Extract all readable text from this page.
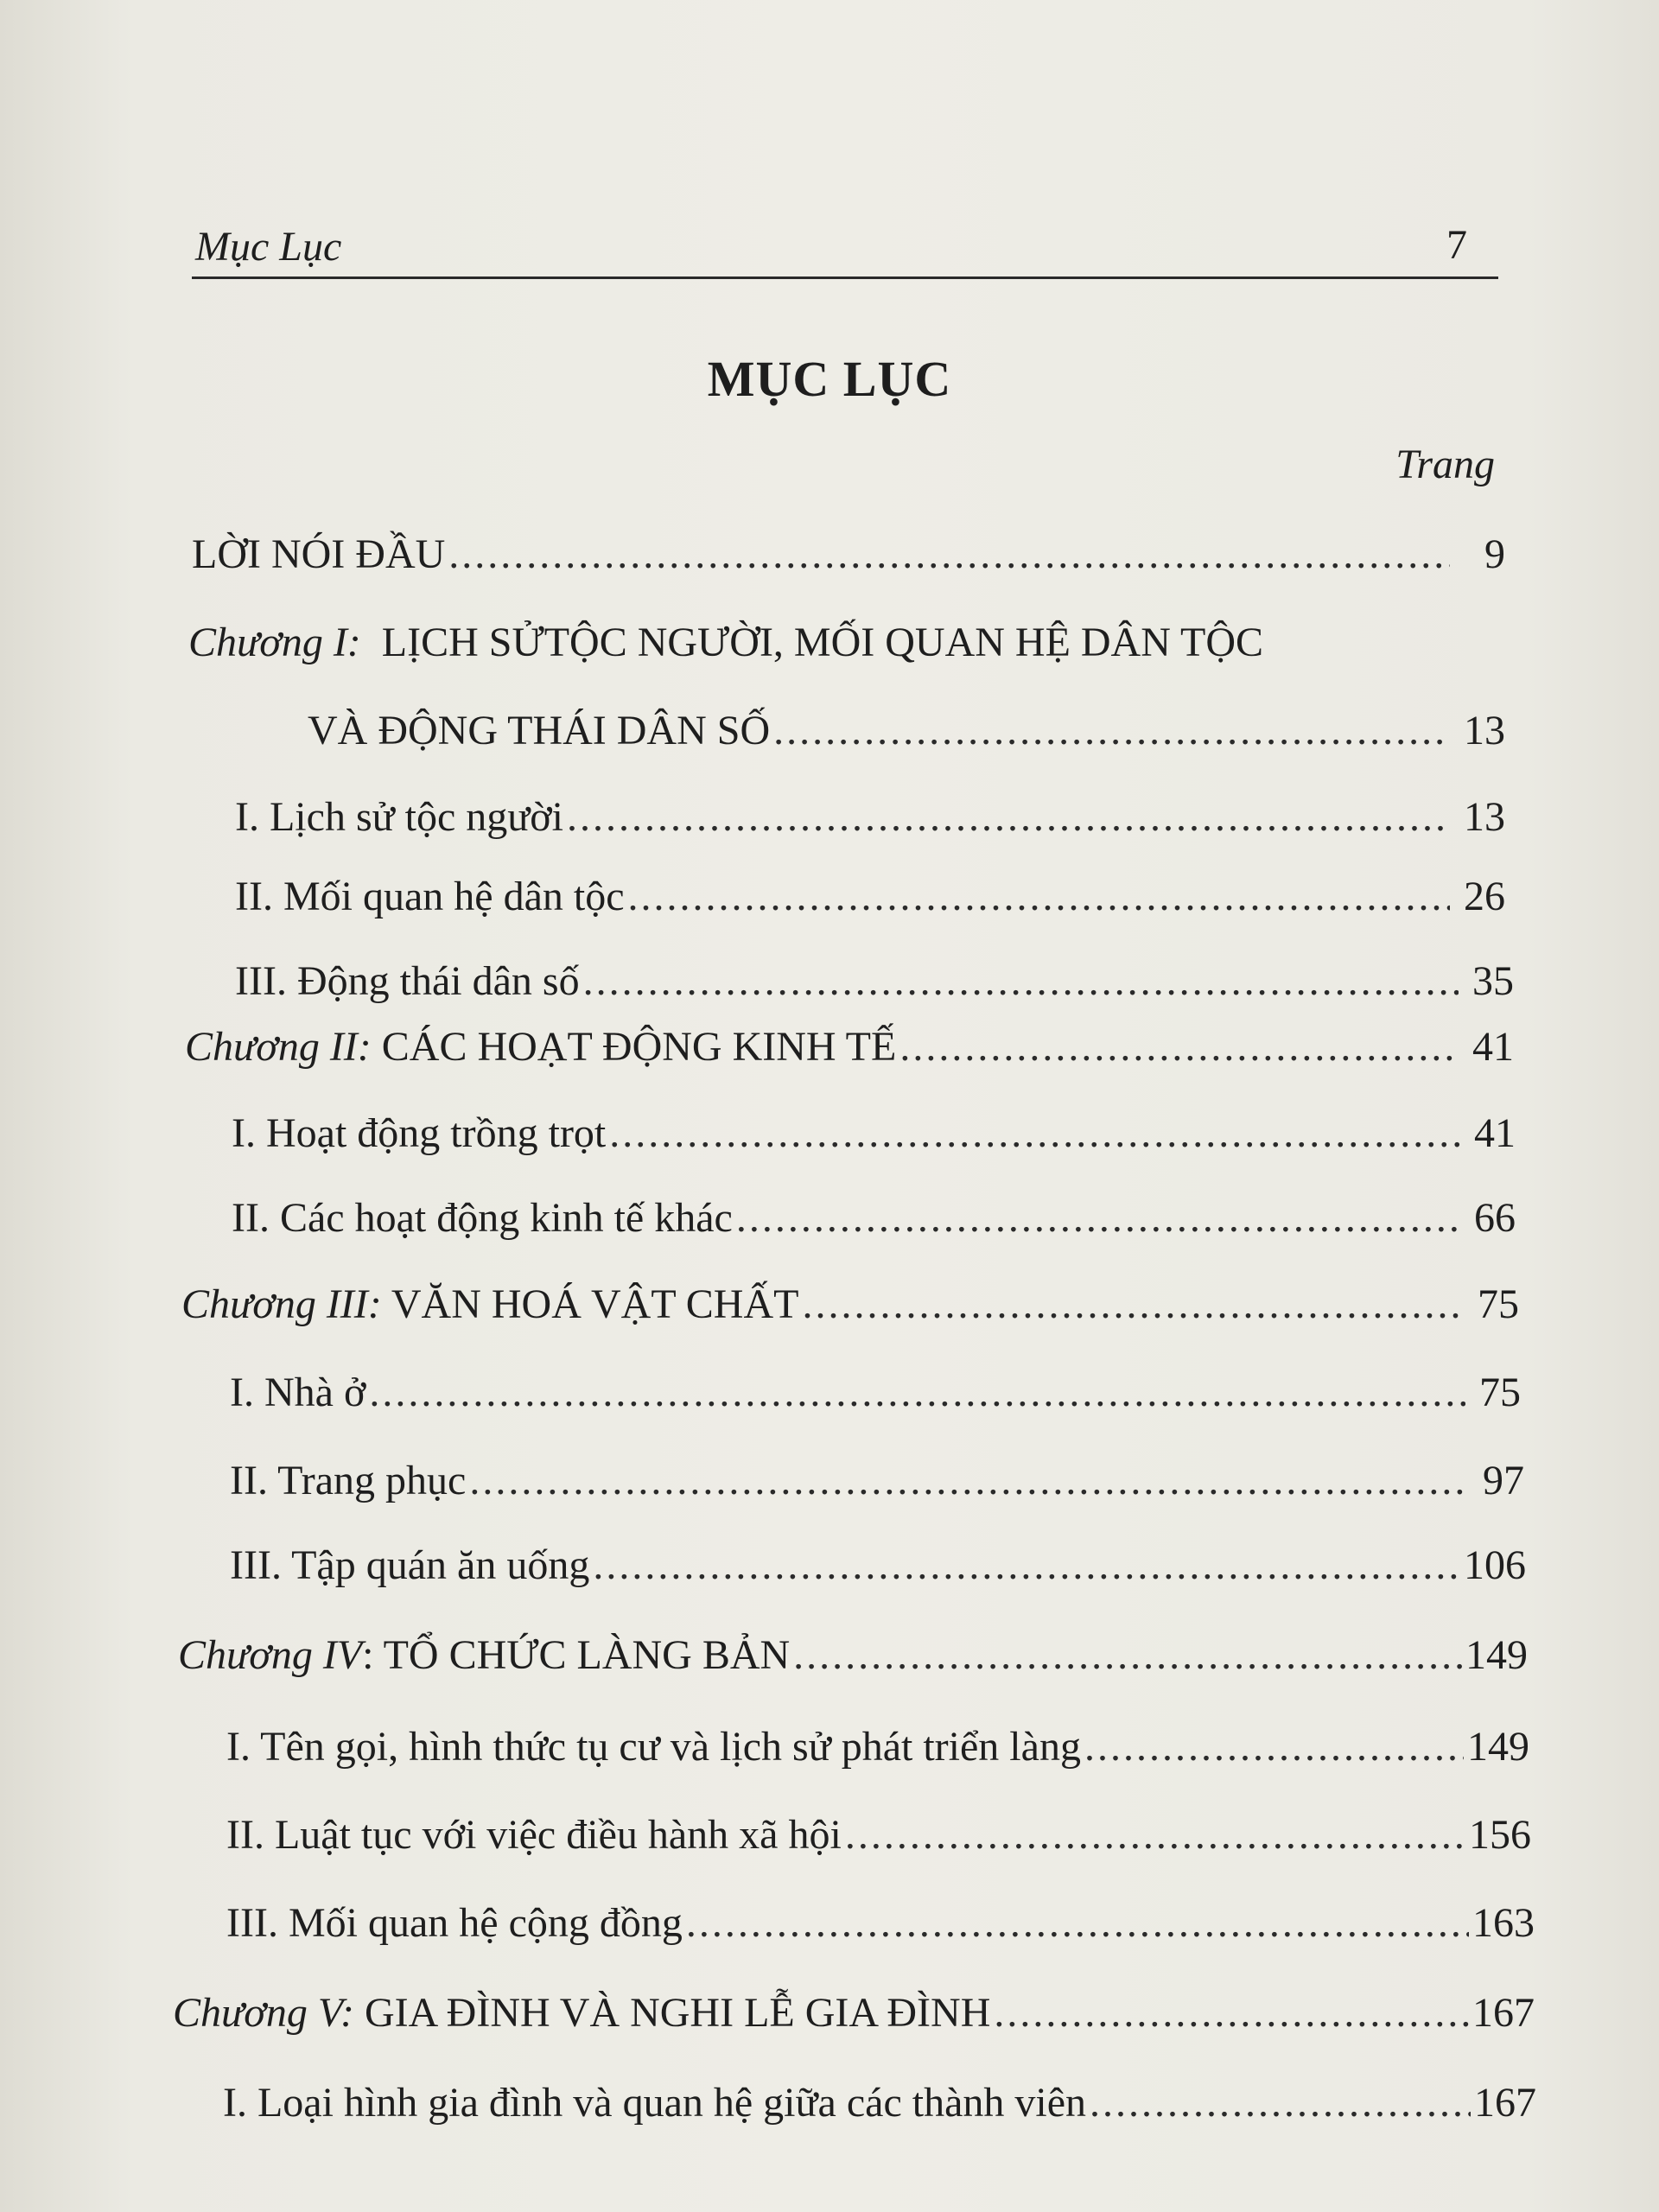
Mục Lục	7
MỤC LỤC
Trang
LỜI NÓI ĐẦU .....	9
Chương I: LỊCH SỬTỘC NGƯỜI, MỐI QUAN HỆ DÂN TỘC
VÀ ĐỘNG THÁI DÂN SỐ .....	13
I. Lịch sử tộc người .....	13
II. Mối quan hệ dân tộc .....	26
III. Động thái dân số .....	35
Chương II: CÁC HOẠT ĐỘNG KINH TẾ .....	41
I. Hoạt động trồng trọt .....	41
II. Các hoạt động kinh tế khác .....	66
Chương III: VĂN HOÁ VẬT CHẤT .....	75
I. Nhà ở .....	75
II. Trang phục .....	97
III. Tập quán ăn uống .....	106
Chương IV: TỔ CHỨC LÀNG BẢN .....	149
I. Tên gọi, hình thức tụ cư và lịch sử phát triển làng .....	149
II. Luật tục với việc điều hành xã hội .....	156
III. Mối quan hệ cộng đồng .....	163
Chương V: GIA ĐÌNH VÀ NGHI LỄ GIA ĐÌNH .....	167
I. Loại hình gia đình và quan hệ giữa các thành viên .....	167
